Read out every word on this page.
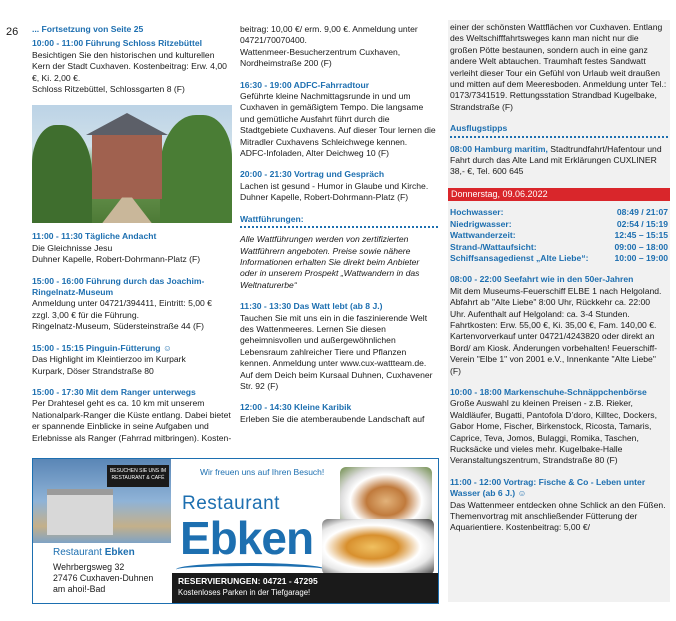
26 ... Fortsetzung von Seite 25

10:00 - 11:00 Führung Schloss Ritzebüttel

Besichtigen Sie den historischen und kulturellen Kern der Stadt Cuxhaven. Kostenbeitrag: Erw. 4,00 €, Ki. 2,00 €.

Schloss Ritzebüttel, Schlossgarten 8 (F)

11:00 - 11:30 Tägliche Andacht

Die Gleichnisse Jesu

Duhner Kapelle, Robert-Dohrmann-Platz (F)

15:00 - 16:00 Führung durch das Joachim-Ringelnatz-Museum

Anmeldung unter 04721/394411, Eintritt: 5,00 € zzgl. 3,00 € für die Führung.

Ringelnatz-Museum, Südersteinstraße 44 (F)

15:00 - 15:15 Pinguin-Fütterung ☺

Das Highlight im Kleintierzoo im Kurpark

Kurpark, Döser Strandstraße 80

15:00 - 17:30 Mit dem Ranger unterwegs

Per Drahtesel geht es ca. 10 km mit unserem Nationalpark-Ranger die Küste entlang. Dabei bietet er spannende Einblicke in seine Aufgaben und Erlebnisse als Ranger (Fahrrad mitbringen). Kosten-

beitrag: 10,00 €/ erm. 9,00 €. Anmeldung unter 04721/70070400.

Wattenmeer-Besucherzentrum Cuxhaven, Nordheimstraße 200 (F)

16:30 - 19:00 ADFC-Fahrradtour

Geführte kleine Nachmittagsrunde in und um Cuxhaven in gemäßigtem Tempo. Die langsame und gemütliche Ausfahrt führt durch die Stadtgebiete Cuxhavens. Auf dieser Tour lernen die Mitradler Cuxhavens Schleichwege kennen.

ADFC-Infoladen, Alter Deichweg 10 (F)

20:00 - 21:30 Vortrag und Gespräch

Lachen ist gesund - Humor in Glaube und Kirche.

Duhner Kapelle, Robert-Dohrmann-Platz (F)

Wattführungen:

Alle Wattführungen werden von zertifizierten Wattführern angeboten. Preise sowie nähere Informationen erhalten Sie direkt beim Anbieter oder in unserem Prospekt „Wattwandern in das Weltnaturerbe“

11:30 - 13:30 Das Watt lebt (ab 8 J.)

Tauchen Sie mit uns ein in die faszinierende Welt des Wattenmeeres. Lernen Sie diesen geheimnisvollen und außergewöhnlichen Lebensraum zahlreicher Tiere und Pflanzen kennen. Anmeldung unter www.cux-wattteam.de.

Auf dem Deich beim Kursaal Duhnen, Cuxhavener Str. 92 (F)

12:00 - 14:30 Kleine Karibik

Erleben Sie die atemberaubende Landschaft auf

einer der schönsten Wattflächen vor Cuxhaven. Entlang des Weltschifffahrtsweges kann man nicht nur die großen Pötte bestaunen, sondern auch in eine ganz andere Welt abtauchen. Traumhaft festes Sandwatt verleiht dieser Tour ein Gefühl von Urlaub weit draußen und mitten auf dem Meeresboden. Anmeldung unter Tel.: 0173/7341519. Rettungsstation Strandbad Kugelbake, Strandstraße (F)

Ausflugstipps

08:00 Hamburg maritim, Stadtrundfahrt/Hafentour und Fahrt durch das Alte Land mit Erklärungen CUXLINER 38,- €, Tel. 600 645

Donnerstag, 09.06.2022
Hochwasser:	08:49 / 21:07
Niedrigwasser:	02:54 / 15:19
Wattwanderzeit:	12:45 – 15:15
Strand-/Wattaufsicht:	09:00 – 18:00
Schiffsansagedienst „Alte Liebe“:	10:00 – 19:00

08:00 - 22:00 Seefahrt wie in den 50er-Jahren

Mit dem Museums-Feuerschiff ELBE 1 nach Helgoland. Abfahrt ab "Alte Liebe" 8:00 Uhr, Rückkehr ca. 22:00 Uhr. Aufenthalt auf Helgoland: ca. 3-4 Stunden. Fahrtkosten: Erw. 55,00 €, Ki. 35,00 €, Fam. 140,00 €. Kartenvorverkauf unter 04721/4243820 oder direkt an Bord/ am Kiosk. Änderungen vorbehalten! Feuerschiff-Verein "Elbe 1" von 2001 e.V., Innenkante "Alte Liebe" (F)

10:00 - 18:00 Markenschuhe-Schnäppchenbörse

Große Auswahl zu kleinen Preisen - z.B. Rieker, Waldläufer, Bugatti, Pantofola D’doro, Killtec, Dockers, Gabor Home, Fischer, Birkenstock, Ricosta, Tamaris, Caprice, Teva, Jomos, Bulaggi, Romika, Taschen, Rucksäcke und vieles mehr. Kugelbake-Halle Veranstaltungszentrum, Strandstraße 80 (F)

11:00 - 12:00 Vortrag: Fische & Co - Leben unter Wasser (ab 6 J.) ☺

Das Wattenmeer entdecken ohne Schlick an den Füßen. Themenvortrag mit anschließender Fütterung der Aquarientiere. Kostenbeitrag: 5,00 €/

BESUCHEN SIE UNS IM RESTAURANT & CAFÉ
Restaurant Ebken
Wehrbergsweg 32
27476 Cuxhaven-Duhnen
am ahoi!-Bad
Wir freuen uns auf Ihren Besuch!
Restaurant
Ebken
RESERVIERUNGEN: 04721 - 47295
Kostenloses Parken in der Tiefgarage!
